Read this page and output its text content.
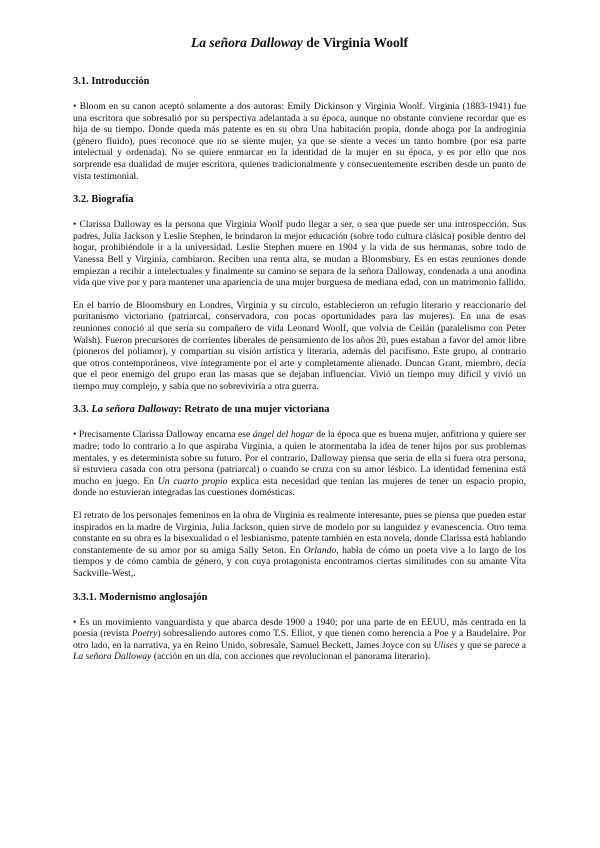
La señora Dalloway de Virginia Woolf
3.1. Introducción

• Bloom en su canon aceptó solamente a dos autoras: Emily Dickinson y Virginia Woolf. Virginia (1883-1941) fue una escritora que sobresalió por su perspectiva adelantada a su época, aunque no obstante conviene recordar que es hija de su tiempo. Donde queda más patente es en su obra Una habitación propia, donde aboga por la androginia (género fluido), pues reconoce que no se siente mujer, ya que se siente a veces un tanto hombre (por esa parte intelectual y ordenada). No se quiere enmarcar en la identidad de la mujer en su época, y es por ello que nos sorprende esa dualidad de mujer escritora, quienes tradicionalmente y consecuentemente escriben desde un punto de vista testimonial.

3.2. Biografía

• Clarissa Dalloway es la persona que Virginia Woolf pudo llegar a ser, o sea que puede ser una introspección. Sus padres, Julia Jackson y Leslie Stephen, le brindaron la mejor educación (sobre todo cultura clásica) posible dentro del hogar, prohibiéndole ir a la universidad. Leslie Stephen muere en 1904 y la vida de sus hermanas, sobre todo de Vanessa Bell y Virginia, cambiaron. Reciben una renta alta, se mudan a Bloomsbury. Es en estas reuniones donde empiezan a recibir a intelectuales y finalmente su camino se separa de la señora Dalloway, condenada a una anodina vida que vive por y para mantener una apariencia de una mujer burguesa de mediana edad, con un matrimonio fallido.

En el barrio de Bloomsbury en Londres, Virginia y su círculo, establecieron un refugio literario y reaccionario del puritanismo victoriano (patriarcal, conservadora, con pocas oportunidades para las mujeres). En una de esas reuniones conoció al que sería su compañero de vida Leonard Woolf, que volvía de Ceilán (paralelismo con Peter Walsh). Fueron precursores de corrientes liberales de pensamiento de los años 20, pues estaban a favor del amor libre (pioneros del poliamor), y compartían su visión artística y literaria, además del pacifismo. Este grupo, al contrario que otros contemporáneos, vive íntegramente por el arte y completamente alienado. Duncan Grant, miembro, decía que el peor enemigo del grupo eran las masas que se dejaban influenciar. Vivió un tiempo muy difícil y vivió un tiempo muy complejo, y sabía que no sobreviviría a otra guerra.

3.3. La señora Dalloway: Retrato de una mujer victoriana

• Precisamente Clarissa Dalloway encarna ese ángel del hogar de la época que es buena mujer, anfitriona y quiere ser madre; todo lo contrario a lo que aspiraba Virginia, a quien le atormentaba la idea de tener hijos por sus problemas mentales, y es determinista sobre su futuro. Por el contrario, Dalloway piensa que sería de ella si fuera otra persona, si estuviera casada con otra persona (patriarcal) o cuando se cruza con su amor lésbico. La identidad femenina está mucho en juego. En Un cuarto propio explica esta necesidad que tenían las mujeres de tener un espacio propio, donde no estuvieran integradas las cuestiones domésticas.

El retrato de los personajes femeninos en la obra de Virginia es realmente interesante, pues se piensa que pueden estar inspirados en la madre de Virginia, Julia Jackson, quien sirve de modelo por su languidez y evanescencia. Otro tema constante en su obra es la bisexualidad o el lesbianismo, patente también en esta novela, donde Clarissa está hablando constantemente de su amor por su amiga Sally Seton. En Orlando, habla de cómo un poeta vive a lo largo de los tiempos y de cómo cambia de género, y con cuya protagonista encontramos ciertas similitudes con su amante Vita Sackville-West,.

3.3.1. Modernismo anglosajón

• Es un movimiento vanguardista y que abarca desde 1900 a 1940; por una parte de en EEUU, más centrada en la poesía (revista Poetry) sobresaliendo autores como T.S. Elliot, y que tienen como herencia a Poe y a Baudelaire. Por otro lado, en la narrativa, ya en Reino Unido, sobresale, Samuel Beckett, James Joyce con su Ulises y que se parece a La señora Dalloway (acción en un día, con acciones que revolucionan el panorama literario).
